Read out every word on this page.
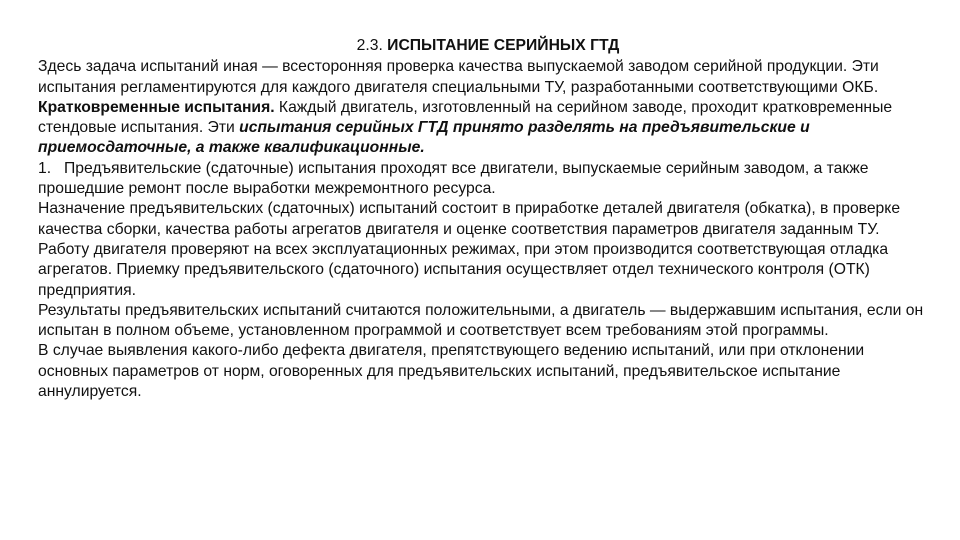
2.3. ИСПЫТАНИЕ СЕРИЙНЫХ ГТД

Здесь задача испытаний иная — всесторонняя проверка качества выпускаемой заводом серийной продукции. Эти испытания регламентируются для каждого двигателя специальными ТУ, разработанными соответствующими ОКБ.

Кратковременные испытания. Каждый двигатель, изготовленный на серийном заводе, проходит кратковременные стендовые испытания. Эти испытания серийных ГТД принято разделять на предъявительские и приемосдаточные, а также квалификационные.

1. Предъявительские (сдаточные) испытания проходят все двигатели, выпускаемые серийным заводом, а также прошедшие ремонт после выработки межремонтного ресурса.

Назначение предъявительских (сдаточных) испытаний состоит в приработке деталей двигателя (обкатка), в проверке качества сборки, качества работы агрегатов двигателя и оценке соответствия параметров двигателя заданным ТУ.

Работу двигателя проверяют на всех эксплуатационных режимах, при этом производится соответствующая отладка агрегатов. Приемку предъявительского (сдаточного) испытания осуществляет отдел технического контроля (ОТК) предприятия.

Результаты предъявительских испытаний считаются положительными, а двигатель — выдержавшим испытания, если он испытан в полном объеме, установленном программой и соответствует всем требованиям этой программы.

В случае выявления какого-либо дефекта двигателя, препятствующего ведению испытаний, или при отклонении основных параметров от норм, оговоренных для предъявительских испытаний, предъявительское испытание аннулируется.
